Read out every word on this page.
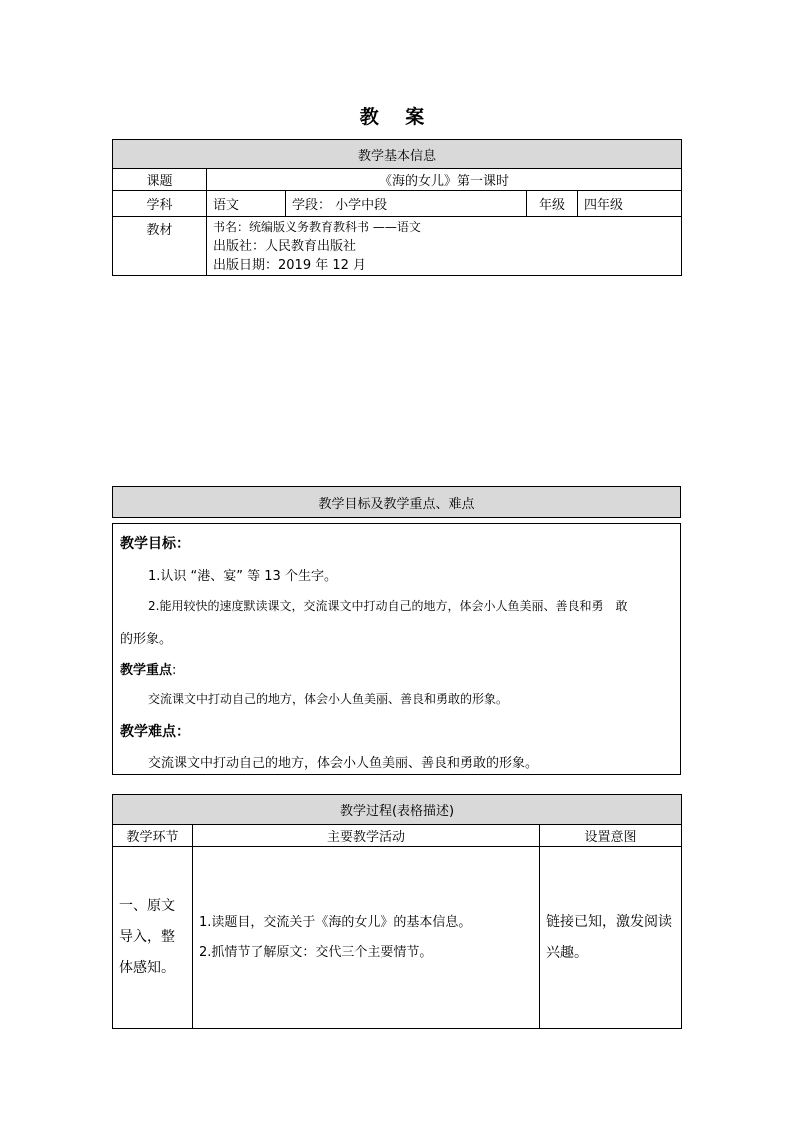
教 案
教学基本信息				
课题	《海的女儿》第一课时			
学科	语文	学段： 小学中段	年级	四年级
教材	书名：统编版义务教育教科书 ——语文
出版社：人民教育出版社
出版日期：2019 年 12 月			
教学目标及教学重点、难点
教学目标：
1.认识 “港、宴” 等 13 个生字。
2.能用较快的速度默读课文，交流课文中打动自己的地方，体会小人鱼美丽、善良和勇　敢
的形象。
教学重点:
交流课文中打动自己的地方，体会小人鱼美丽、善良和勇敢的形象。
教学难点：
交流课文中打动自己的地方，体会小人鱼美丽、善良和勇敢的形象。
教学过程(表格描述)		
教学环节	主要教学活动	设置意图
一、原文导入，整体感知。	1.读题目，交流关于《海的女儿》的基本信息。
2.抓情节了解原文：交代三个主要情节。	链接已知，激发阅读兴趣。
